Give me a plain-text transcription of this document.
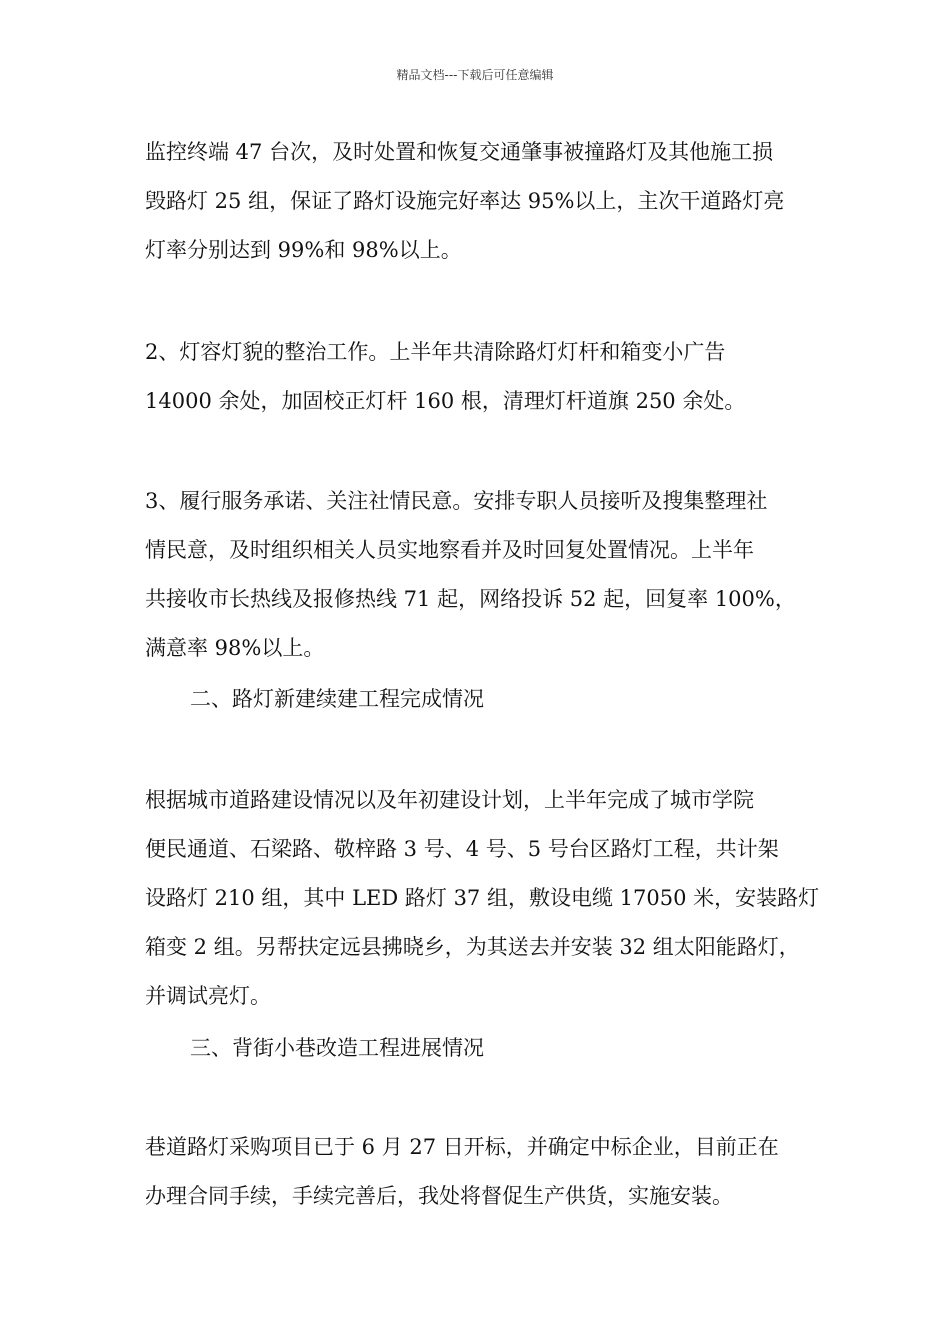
精品文档---下载后可任意编辑
监控终端 47 台次，及时处置和恢复交通肇事被撞路灯及其他施工损
毁路灯 25 组，保证了路灯设施完好率达 95%以上，主次干道路灯亮
灯率分别达到 99%和 98%以上。
2、灯容灯貌的整治工作。上半年共清除路灯灯杆和箱变小广告
14000 余处，加固校正灯杆 160 根，清理灯杆道旗 250 余处。
3、履行服务承诺、关注社情民意。安排专职人员接听及搜集整理社
情民意，及时组织相关人员实地察看并及时回复处置情况。上半年
共接收市长热线及报修热线 71 起，网络投诉 52 起，回复率 100%，
满意率 98%以上。
二、路灯新建续建工程完成情况
根据城市道路建设情况以及年初建设计划，上半年完成了城市学院
便民通道、石梁路、敬梓路 3 号、4 号、5 号台区路灯工程，共计架
设路灯 210 组，其中 LED 路灯 37 组，敷设电缆 17050 米，安装路灯
箱变 2 组。另帮扶定远县拂晓乡，为其送去并安装 32 组太阳能路灯，
并调试亮灯。
三、背街小巷改造工程进展情况
巷道路灯采购项目已于 6 月 27 日开标，并确定中标企业，目前正在
办理合同手续，手续完善后，我处将督促生产供货，实施安装。
